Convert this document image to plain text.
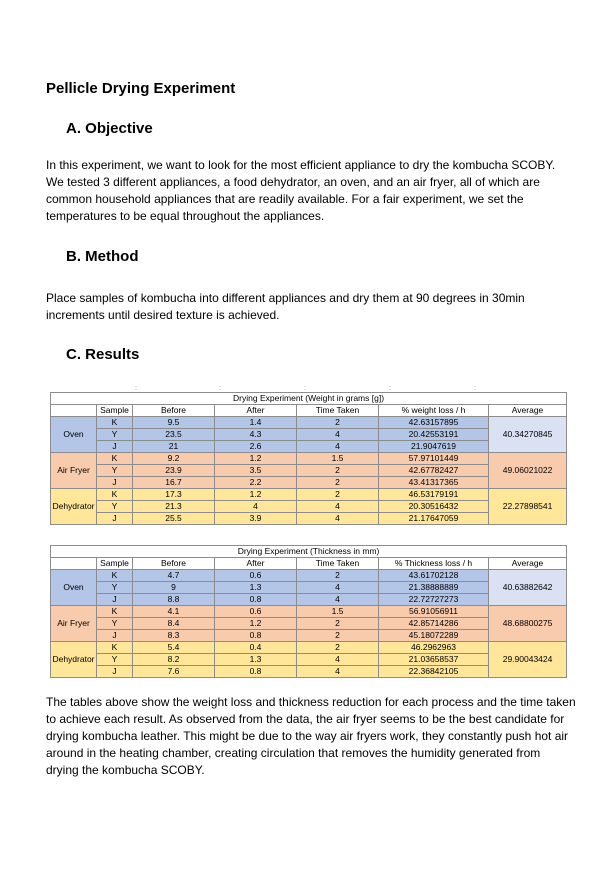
Pellicle Drying Experiment
A. Objective
In this experiment, we want to look for the most efficient appliance to dry the kombucha SCOBY. We tested 3 different appliances, a food dehydrator, an oven, and an air fryer, all of which are common household appliances that are readily available. For a fair experiment, we set the temperatures to be equal throughout the appliances.
B. Method
Place samples of kombucha into different appliances and dry them at 90 degrees in 30min increments until desired texture is achieved.
C. Results
Drying Experiment (Weight in grams [g])						
	Sample	Before	After	Time Taken	% weight loss / h	Average
Oven	K	9.5	1.4	2	42.63157895	40.34270845
	Y	23.5	4.3	4	20.42553191	
	J	21	2.6	4	21.9047619	
Air Fryer	K	9.2	1.2	1.5	57.97101449	49.06021022
	Y	23.9	3.5	2	42.67782427	
	J	16.7	2.2	2	43.41317365	
Dehydrator	K	17.3	1.2	2	46.53179191	22.27898541
	Y	21.3	4	4	20.30516432	
	J	25.5	3.9	4	21.17647059	
Drying Experiment (Thickness in mm)						
	Sample	Before	After	Time Taken	% Thickness loss / h	Average
Oven	K	4.7	0.6	2	43.61702128	40.63882642
	Y	9	1.3	4	21.38888889	
	J	8.8	0.8	4	22.72727273	
Air Fryer	K	4.1	0.6	1.5	56.91056911	48.68800275
	Y	8.4	1.2	2	42.85714286	
	J	8.3	0.8	2	45.18072289	
Dehydrator	K	5.4	0.4	2	46.2962963	29.90043424
	Y	8.2	1.3	4	21.03658537	
	J	7.6	0.8	4	22.36842105	
The tables above show the weight loss and thickness reduction for each process and the time taken to achieve each result. As observed from the data, the air fryer seems to be the best candidate for drying kombucha leather. This might be due to the way air fryers work, they constantly push hot air around in the heating chamber, creating circulation that removes the humidity generated from drying the kombucha SCOBY.
